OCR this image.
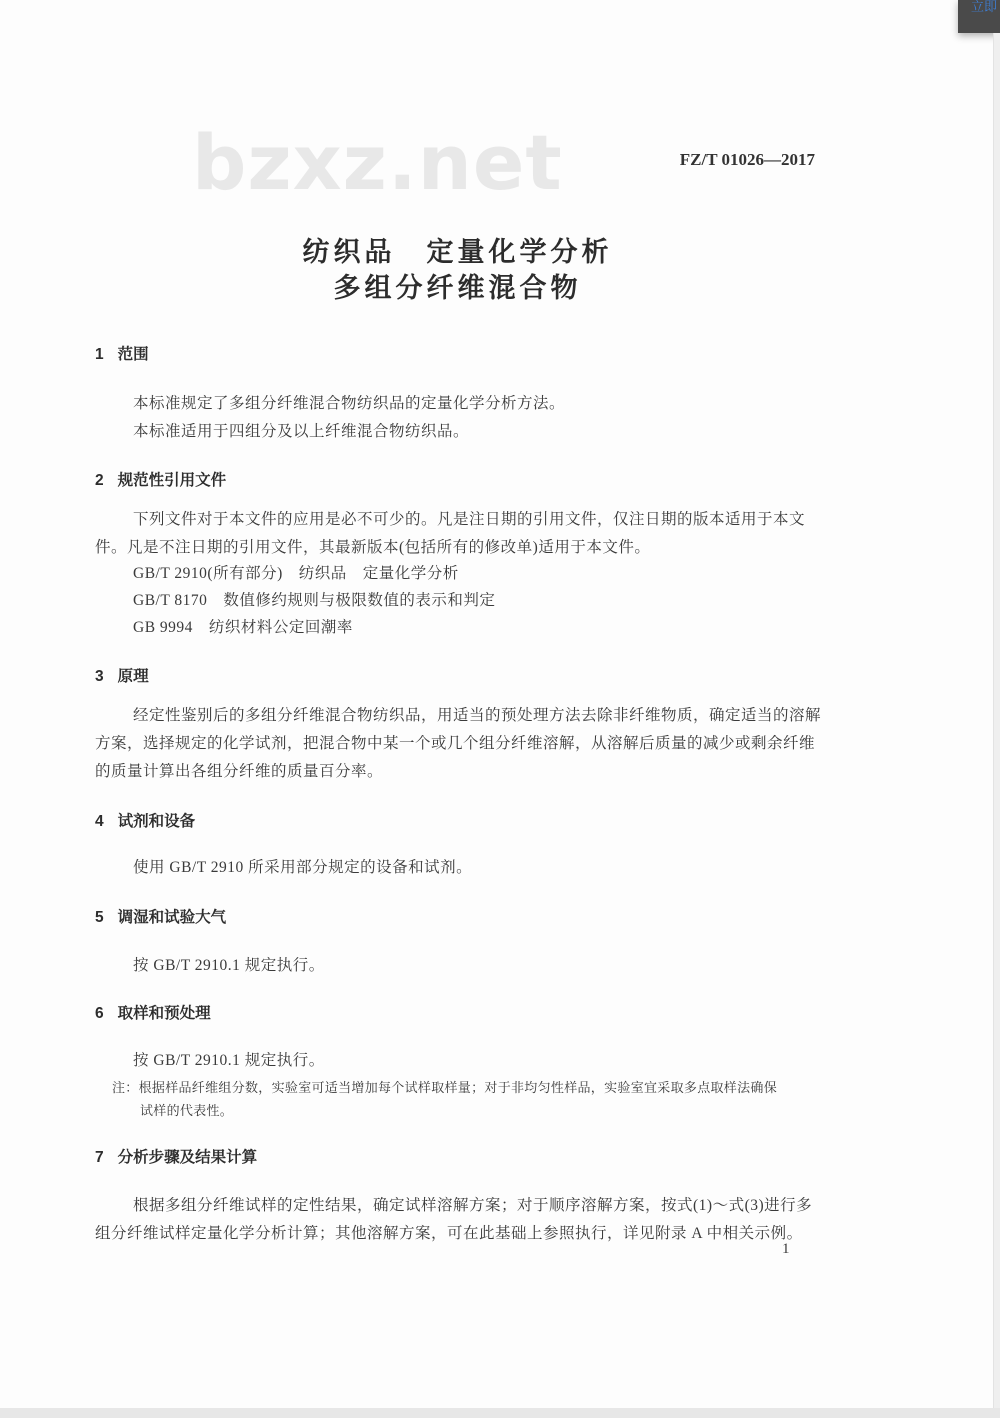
bzxz.net	FZ/T 01026—2017
纺织品　定量化学分析
多组分纤维混合物
1 范围
本标准规定了多组分纤维混合物纺织品的定量化学分析方法。
本标准适用于四组分及以上纤维混合物纺织品。
2 规范性引用文件
下列文件对于本文件的应用是必不可少的。凡是注日期的引用文件，仅注日期的版本适用于本文
件。凡是不注日期的引用文件，其最新版本(包括所有的修改单)适用于本文件。
GB/T 2910(所有部分)　纺织品　定量化学分析
GB/T 8170　数值修约规则与极限数值的表示和判定
GB 9994　纺织材料公定回潮率
3 原理
经定性鉴别后的多组分纤维混合物纺织品，用适当的预处理方法去除非纤维物质，确定适当的溶解
方案，选择规定的化学试剂，把混合物中某一个或几个组分纤维溶解，从溶解后质量的减少或剩余纤维
的质量计算出各组分纤维的质量百分率。
4 试剂和设备
使用 GB/T 2910 所采用部分规定的设备和试剂。
5 调湿和试验大气
按 GB/T 2910.1 规定执行。
6 取样和预处理
按 GB/T 2910.1 规定执行。
注：根据样品纤维组分数，实验室可适当增加每个试样取样量；对于非均匀性样品，实验室宜采取多点取样法确保
试样的代表性。
7 分析步骤及结果计算
根据多组分纤维试样的定性结果，确定试样溶解方案；对于顺序溶解方案，按式(1)～式(3)进行多
组分纤维试样定量化学分析计算；其他溶解方案，可在此基础上参照执行，详见附录 A 中相关示例。
1
立即
